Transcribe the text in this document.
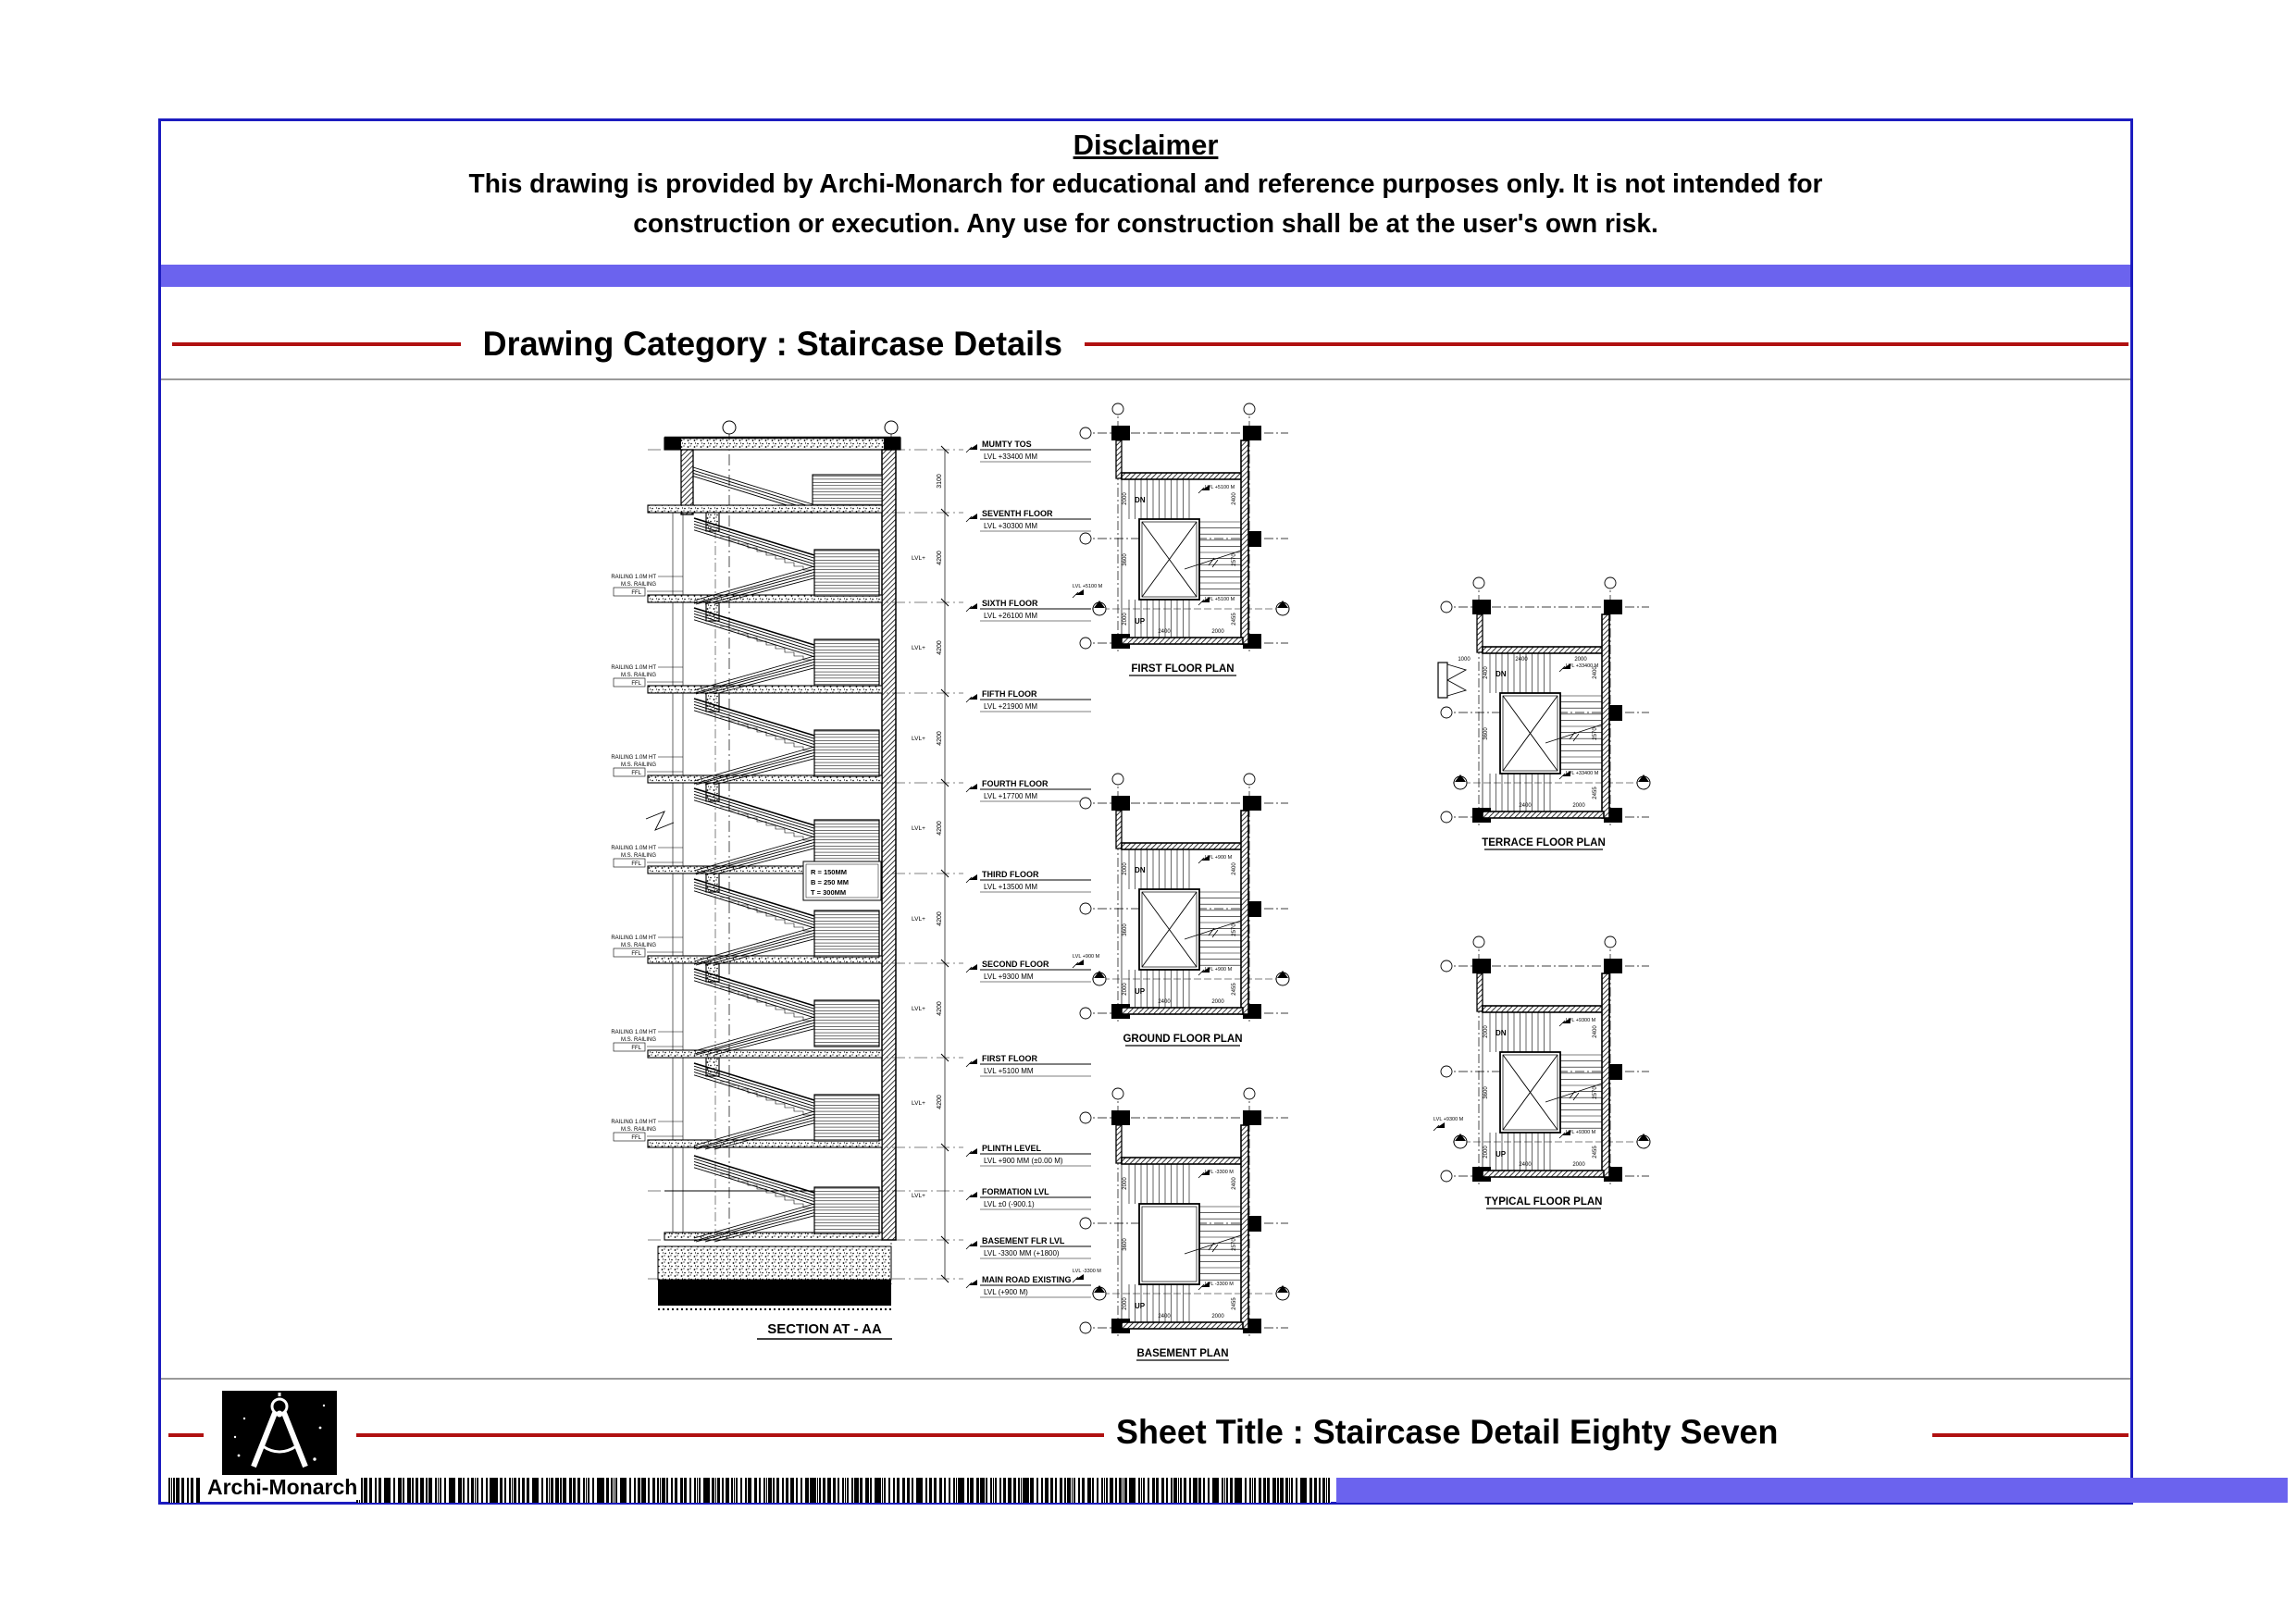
Disclaimer
This drawing is provided by Archi-Monarch for educational and reference purposes only. It is not intended for
construction or execution. Any use for construction shall be at the user's own risk.
Drawing Category : Staircase Details
LVL+
LVL+
LVL+
LVL+
LVL+
LVL+
LVL+
LVL+
R = 150MM
B = 250 MM
T = 300MM
3100
4200
4200
4200
4200
4200
4200
4200
MUMTY TOS
LVL +33400 MM
SEVENTH FLOOR
LVL +30300 MM
SIXTH FLOOR
LVL +26100 MM
FIFTH FLOOR
LVL +21900 MM
FOURTH FLOOR
LVL +17700 MM
THIRD FLOOR
LVL +13500 MM
SECOND FLOOR
LVL +9300 MM
FIRST FLOOR
LVL +5100 MM
PLINTH LEVEL
LVL +900 MM (±0.00 M)
FORMATION LVL
LVL ±0 (-900.1)
BASEMENT FLR LVL
LVL -3300 MM (+1800)
MAIN ROAD EXISTING
LVL (+900 M)
RAILING 1.0M HT
M.S. RAILING
FFL
RAILING 1.0M HT
M.S. RAILING
FFL
RAILING 1.0M HT
M.S. RAILING
FFL
RAILING 1.0M HT
M.S. RAILING
FFL
RAILING 1.0M HT
M.S. RAILING
FFL
RAILING 1.0M HT
M.S. RAILING
FFL
RAILING 1.0M HT
M.S. RAILING
FFL
SECTION AT - AA
DN
UP
2000
3600
2000
2400	2000
2400
2570
2455
LVL +5100 M
LVL +5100 M
LVL +5100 M
FIRST FLOOR PLAN
DN
UP
2000
3600
2000
2400	2000
2400
2570
2455
LVL +900 M
LVL +900 M
LVL +900 M
GROUND FLOOR PLAN
UP
2000
3600
2000
2400	2000
2400
2570
2455
LVL -3300 M
LVL -3300 M
LVL -3300 M
BASEMENT PLAN
DN
1000	2400	2000
2400
3600
2400	2000
2400
2570
2455
LVL +33400 M
LVL +33400 M
TERRACE FLOOR PLAN
DN
UP
2000
3600
2000
2400	2000
2400
2570
2455
LVL +9300 M
LVL +9300 M
LVL +9300 M
TYPICAL FLOOR PLAN
Sheet Title : Staircase Detail Eighty Seven
Archi-Monarch
